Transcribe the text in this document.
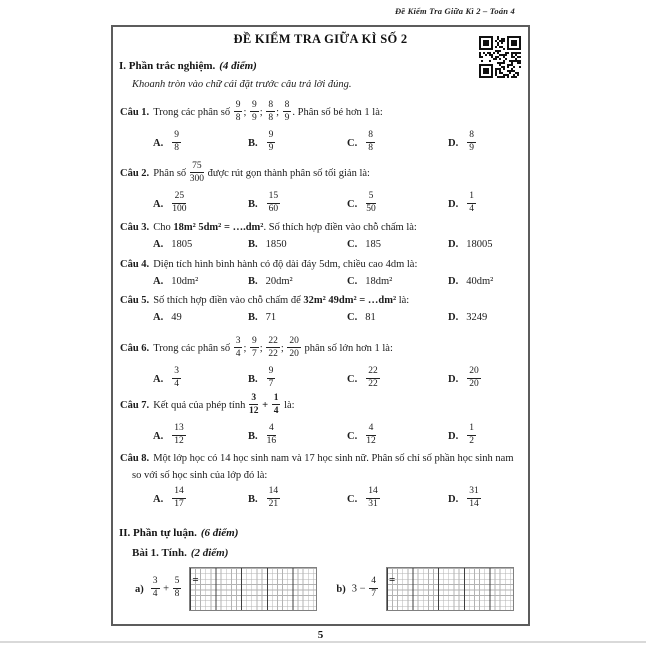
Đề Kiểm Tra Giữa Kì 2 – Toán 4
ĐỀ KIỂM TRA GIỮA KÌ SỐ 2
I. Phần trắc nghiệm. (4 điểm)
Khoanh tròn vào chữ cái đặt trước câu trả lời đúng.
Câu 1. Trong các phân số $\frac{9}{8}$ ; $\frac{9}{9}$ ; $\frac{8}{8}$ ; $\frac{8}{9}$ . Phân số bé hơn 1 là:
A. $\frac{9}{8}$	B. $\frac{9}{9}$	C. $\frac{8}{8}$	D. $\frac{8}{9}$
Câu 2. Phân số $\frac{75}{300}$ được rút gọn thành phân số tối giản là:
A. $\frac{25}{100}$	B. $\frac{15}{60}$	C. $\frac{5}{50}$	D. $\frac{1}{4}$
Câu 3. Cho 18m² 5dm² = ….dm². Số thích hợp điền vào chỗ chấm là:
A. 1805	B. 1850	C. 185	D. 18005
Câu 4. Diện tích hình bình hành có độ dài đáy 5dm, chiều cao 4dm là:
A. 10dm²	B. 20dm²	C. 18dm²	D. 40dm²
Câu 5. Số thích hợp điền vào chỗ chấm để 32m² 49dm² = …dm² là:
A. 49	B. 71	C. 81	D. 3249
Câu 6. Trong các phân số $\frac{3}{4}$ ; $\frac{9}{7}$ ; $\frac{22}{22}$ ; $\frac{20}{20}$ phân số lớn hơn 1 là:
A. $\frac{3}{4}$	B. $\frac{9}{7}$	C. $\frac{22}{22}$	D. $\frac{20}{20}$
Câu 7. Kết quả của phép tính $\frac{3}{12} + \frac{1}{4}$ là:
A. $\frac{13}{12}$	B. $\frac{4}{16}$	C. $\frac{4}{12}$	D. $\frac{1}{2}$
Câu 8. Một lớp học có 14 học sinh nam và 17 học sinh nữ. Phân số chỉ số phần học sinh nam
so với số học sinh của lớp đó là:
A. $\frac{14}{17}$	B. $\frac{14}{21}$	C. $\frac{14}{31}$	D. $\frac{31}{14}$
II. Phần tự luận. (6 điểm)
Bài 1. Tính. (2 điểm)
$a) \frac{3}{4} + \frac{5}{8}$ =
b) $3 - \frac{4}{7}$ =
5
